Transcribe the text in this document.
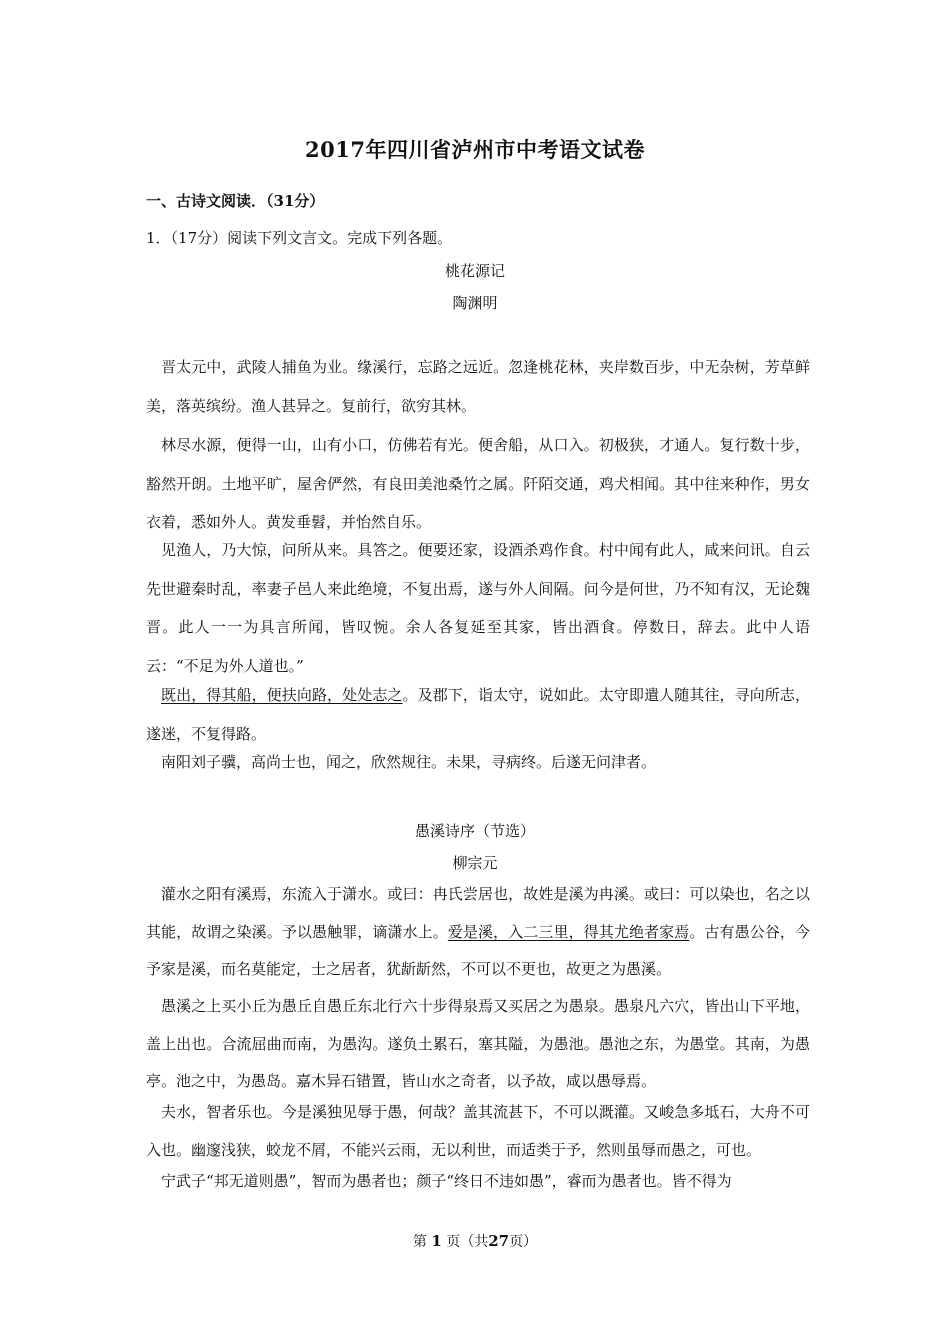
2017年四川省泸州市中考语文试卷
一、古诗文阅读．（31分）
1．（17分）阅读下列文言文。完成下列各题。
桃花源记
陶渊明

晋太元中，武陵人捕鱼为业。缘溪行，忘路之远近。忽逢桃花林，夹岸数百步，中无杂树，芳草鲜美，落英缤纷。渔人甚异之。复前行，欲穷其林。

林尽水源，便得一山，山有小口，仿佛若有光。便舍船，从口入。初极狭，才通人。复行数十步，豁然开朗。土地平旷，屋舍俨然，有良田美池桑竹之属。阡陌交通，鸡犬相闻。其中往来种作，男女衣着，悉如外人。黄发垂髫，并怡然自乐。

见渔人，乃大惊，问所从来。具答之。便要还家，设酒杀鸡作食。村中闻有此人，咸来问讯。自云先世避秦时乱，率妻子邑人来此绝境，不复出焉，遂与外人间隔。问今是何世，乃不知有汉，无论魏晋。此人一一为具言所闻，皆叹惋。余人各复延至其家，皆出酒食。停数日，辞去。此中人语云：“不足为外人道也。”

既出，得其船，便扶向路，处处志之。及郡下，诣太守，说如此。太守即遣人随其往，寻向所志，遂迷，不复得路。

南阳刘子骥，高尚士也，闻之，欣然规往。未果，寻病终。后遂无问津者。

愚溪诗序（节选）
柳宗元

灌水之阳有溪焉，东流入于潇水。或曰：冉氏尝居也，故姓是溪为冉溪。或曰：可以染也，名之以其能，故谓之染溪。予以愚触罪，谪潇水上。爱是溪，入二三里，得其尤绝者家焉。古有愚公谷，今予家是溪，而名莫能定，士之居者，犹龂龂然，不可以不更也，故更之为愚溪。

愚溪之上买小丘为愚丘自愚丘东北行六十步得泉焉又买居之为愚泉。愚泉凡六穴，皆出山下平地，盖上出也。合流屈曲而南，为愚沟。遂负土累石，塞其隘，为愚池。愚池之东，为愚堂。其南，为愚亭。池之中，为愚岛。嘉木异石错置，皆山水之奇者，以予故，咸以愚辱焉。

夫水，智者乐也。今是溪独见辱于愚，何哉？盖其流甚下，不可以溉灌。又峻急多坻石，大舟不可入也。幽邃浅狭，蛟龙不屑，不能兴云雨，无以利世，而适类于予，然则虽辱而愚之，可也。

宁武子“邦无道则愚”，智而为愚者也；颜子“终日不违如愚”，睿而为愚者也。皆不得为

第 1 页（共27页）
